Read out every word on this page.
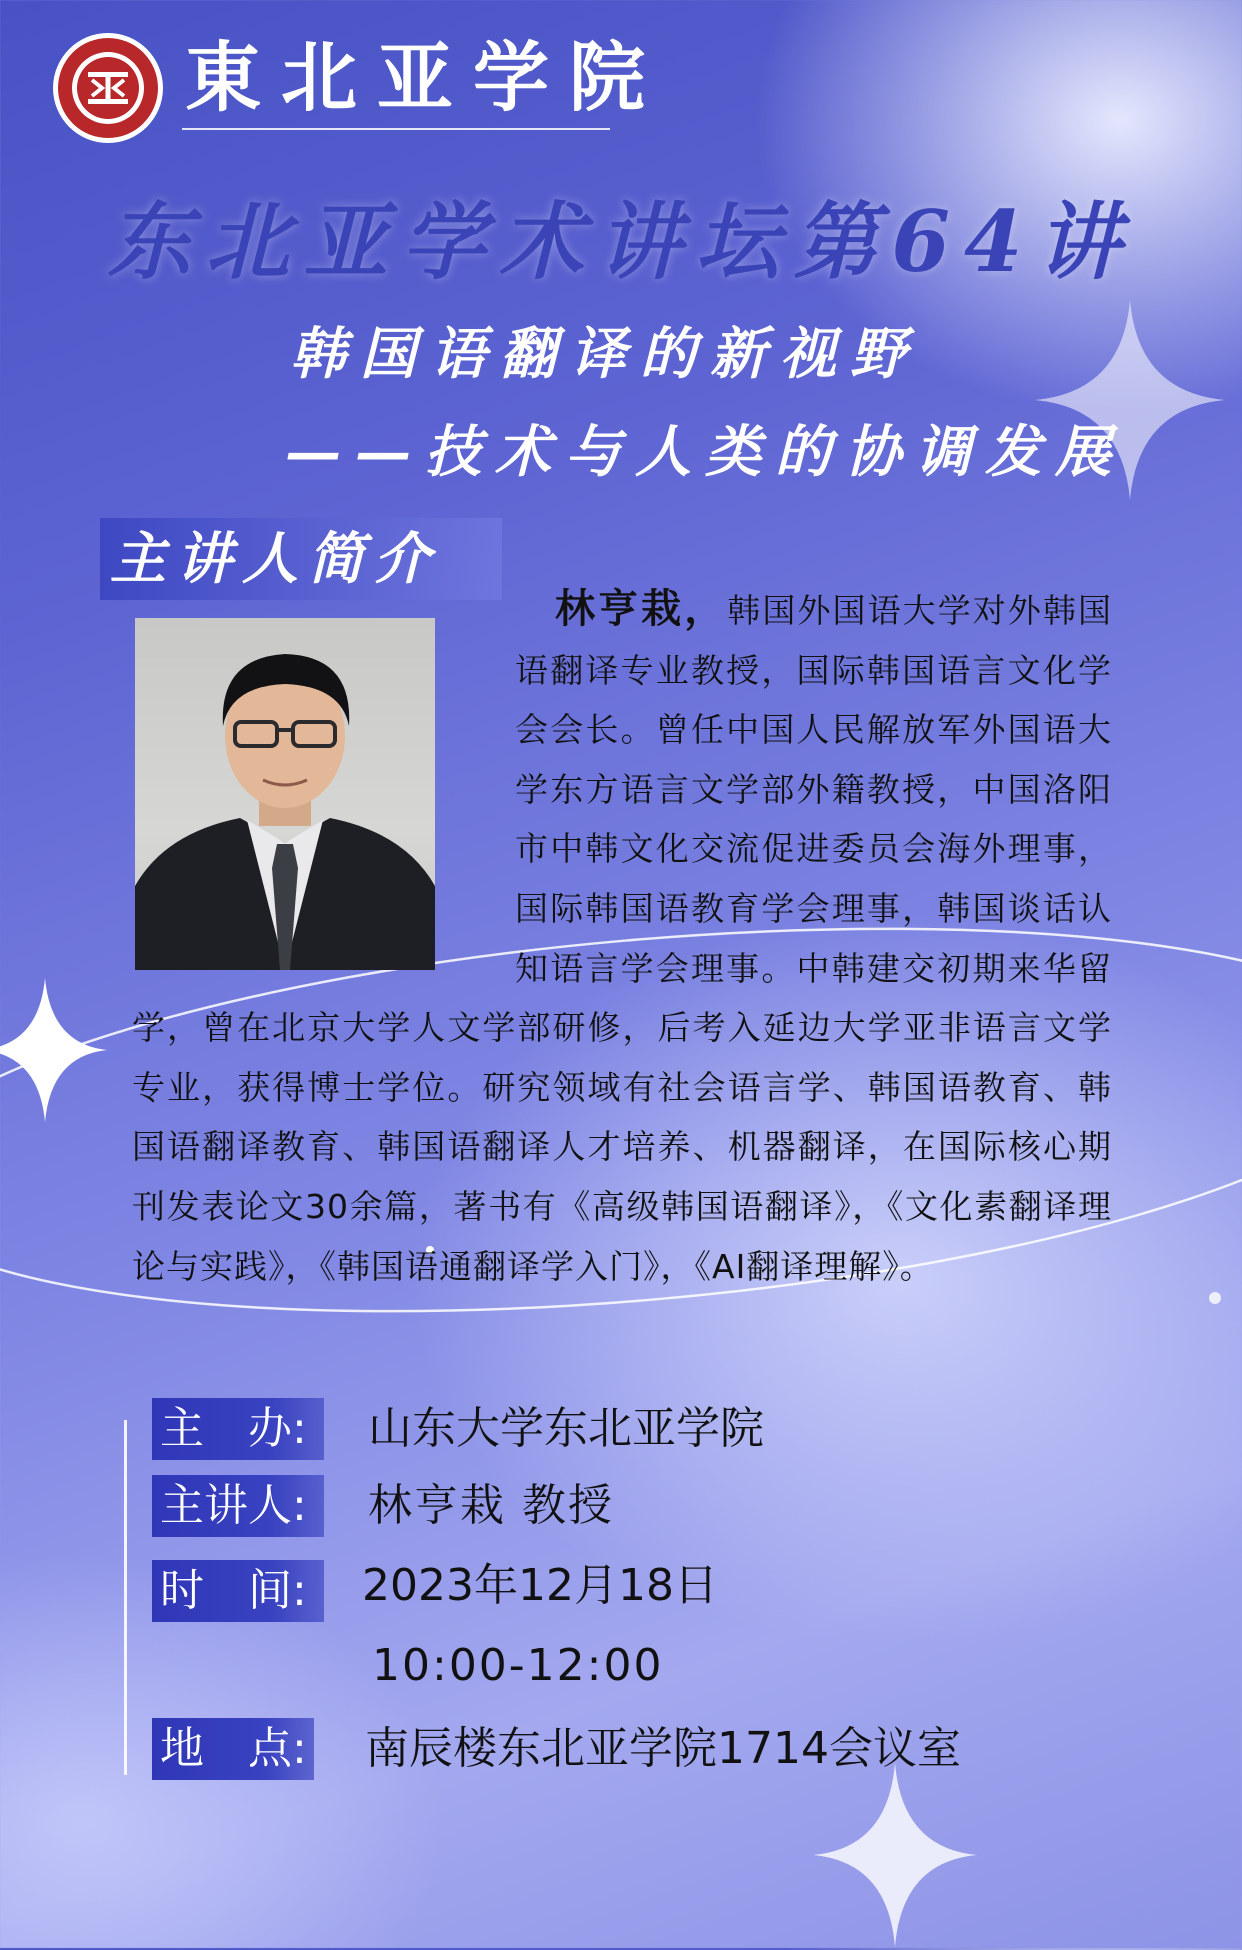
東北亚学院
东北亚学术讲坛第64讲
韩国语翻译的新视野
——技术与人类的协调发展
主讲人简介

林亨栽，韩国外国语大学对外韩国语翻译专业教授，国际韩国语言文化学会会长。曾任中国人民解放军外国语大学东方语言文学部外籍教授，中国洛阳市中韩文化交流促进委员会海外理事，国际韩国语教育学会理事，韩国谈话认知语言学会理事。中韩建交初期来华留学，曾在北京大学人文学部研修，后考入延边大学亚非语言文学专业，获得博士学位。研究领域有社会语言学、韩国语教育、韩国语翻译教育、韩国语翻译人才培养、机器翻译，在国际核心期刊发表论文30余篇，著书有《高级韩国语翻译》，《文化素翻译理论与实践》，《韩国语通翻译学入门》，《AI翻译理解》。

主　办:	山东大学东北亚学院

主讲人:	林亨栽 教授

时　间:	2023年12月18日

10:00-12:00

地　点:	南辰楼东北亚学院1714会议室
